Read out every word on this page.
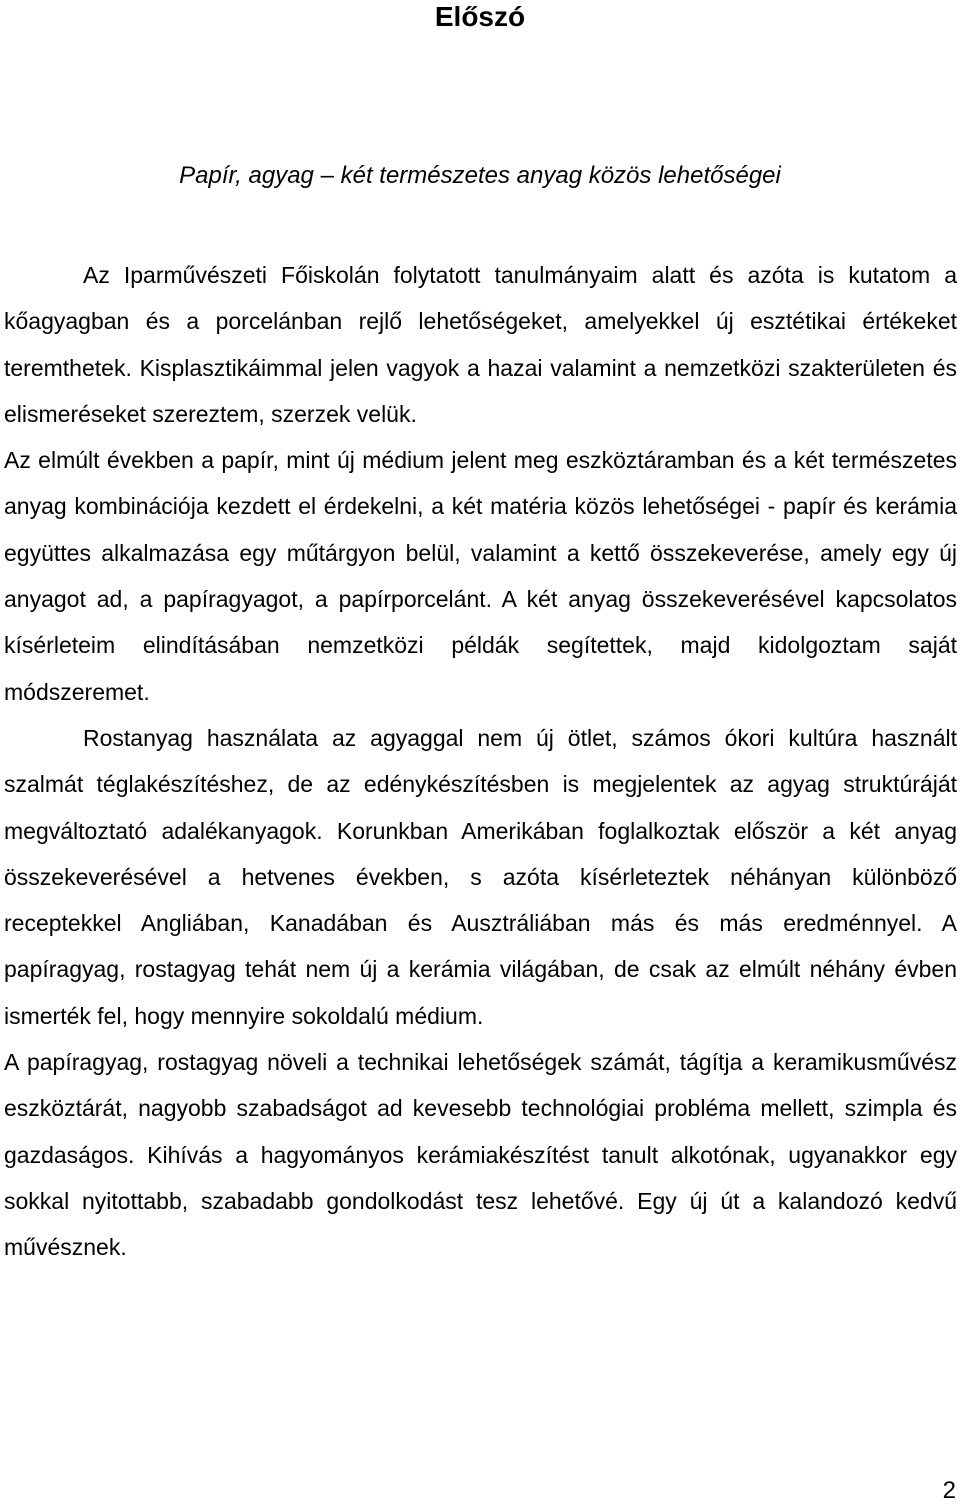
Előszó

Papír, agyag – két természetes anyag közös lehetőségei

Az Iparművészeti Főiskolán folytatott tanulmányaim alatt és azóta is kutatom a kőagyagban és a porcelánban rejlő lehetőségeket, amelyekkel új esztétikai értékeket teremthetek. Kisplasztikáimmal jelen vagyok a hazai valamint a nemzetközi szakterületen és elismeréseket szereztem, szerzek velük.

Az elmúlt években a papír, mint új médium jelent meg eszköztáramban és a két természetes anyag kombinációja kezdett el érdekelni, a két matéria közös lehetőségei - papír és kerámia együttes alkalmazása egy műtárgyon belül, valamint a kettő összekeverése, amely egy új anyagot ad, a papíragyagot, a papírporcelánt. A két anyag összekeverésével kapcsolatos kísérleteim elindításában nemzetközi példák segítettek, majd kidolgoztam saját módszeremet.

Rostanyag használata az agyaggal nem új ötlet, számos ókori kultúra használt szalmát téglakészítéshez, de az edénykészítésben is megjelentek az agyag struktúráját megváltoztató adalékanyagok. Korunkban Amerikában foglalkoztak először a két anyag összekeverésével a hetvenes években, s azóta kísérleteztek néhányan különböző receptekkel Angliában, Kanadában és Ausztráliában más és más eredménnyel. A papíragyag, rostagyag tehát nem új a kerámia világában, de csak az elmúlt néhány évben ismerték fel, hogy mennyire sokoldalú médium.

A papíragyag, rostagyag növeli a technikai lehetőségek számát, tágítja a keramikusművész eszköztárát, nagyobb szabadságot ad kevesebb technológiai probléma mellett, szimpla és gazdaságos. Kihívás a hagyományos kerámiakészítést tanult alkotónak, ugyanakkor egy sokkal nyitottabb, szabadabb gondolkodást tesz lehetővé. Egy új út a kalandozó kedvű művésznek.

2
